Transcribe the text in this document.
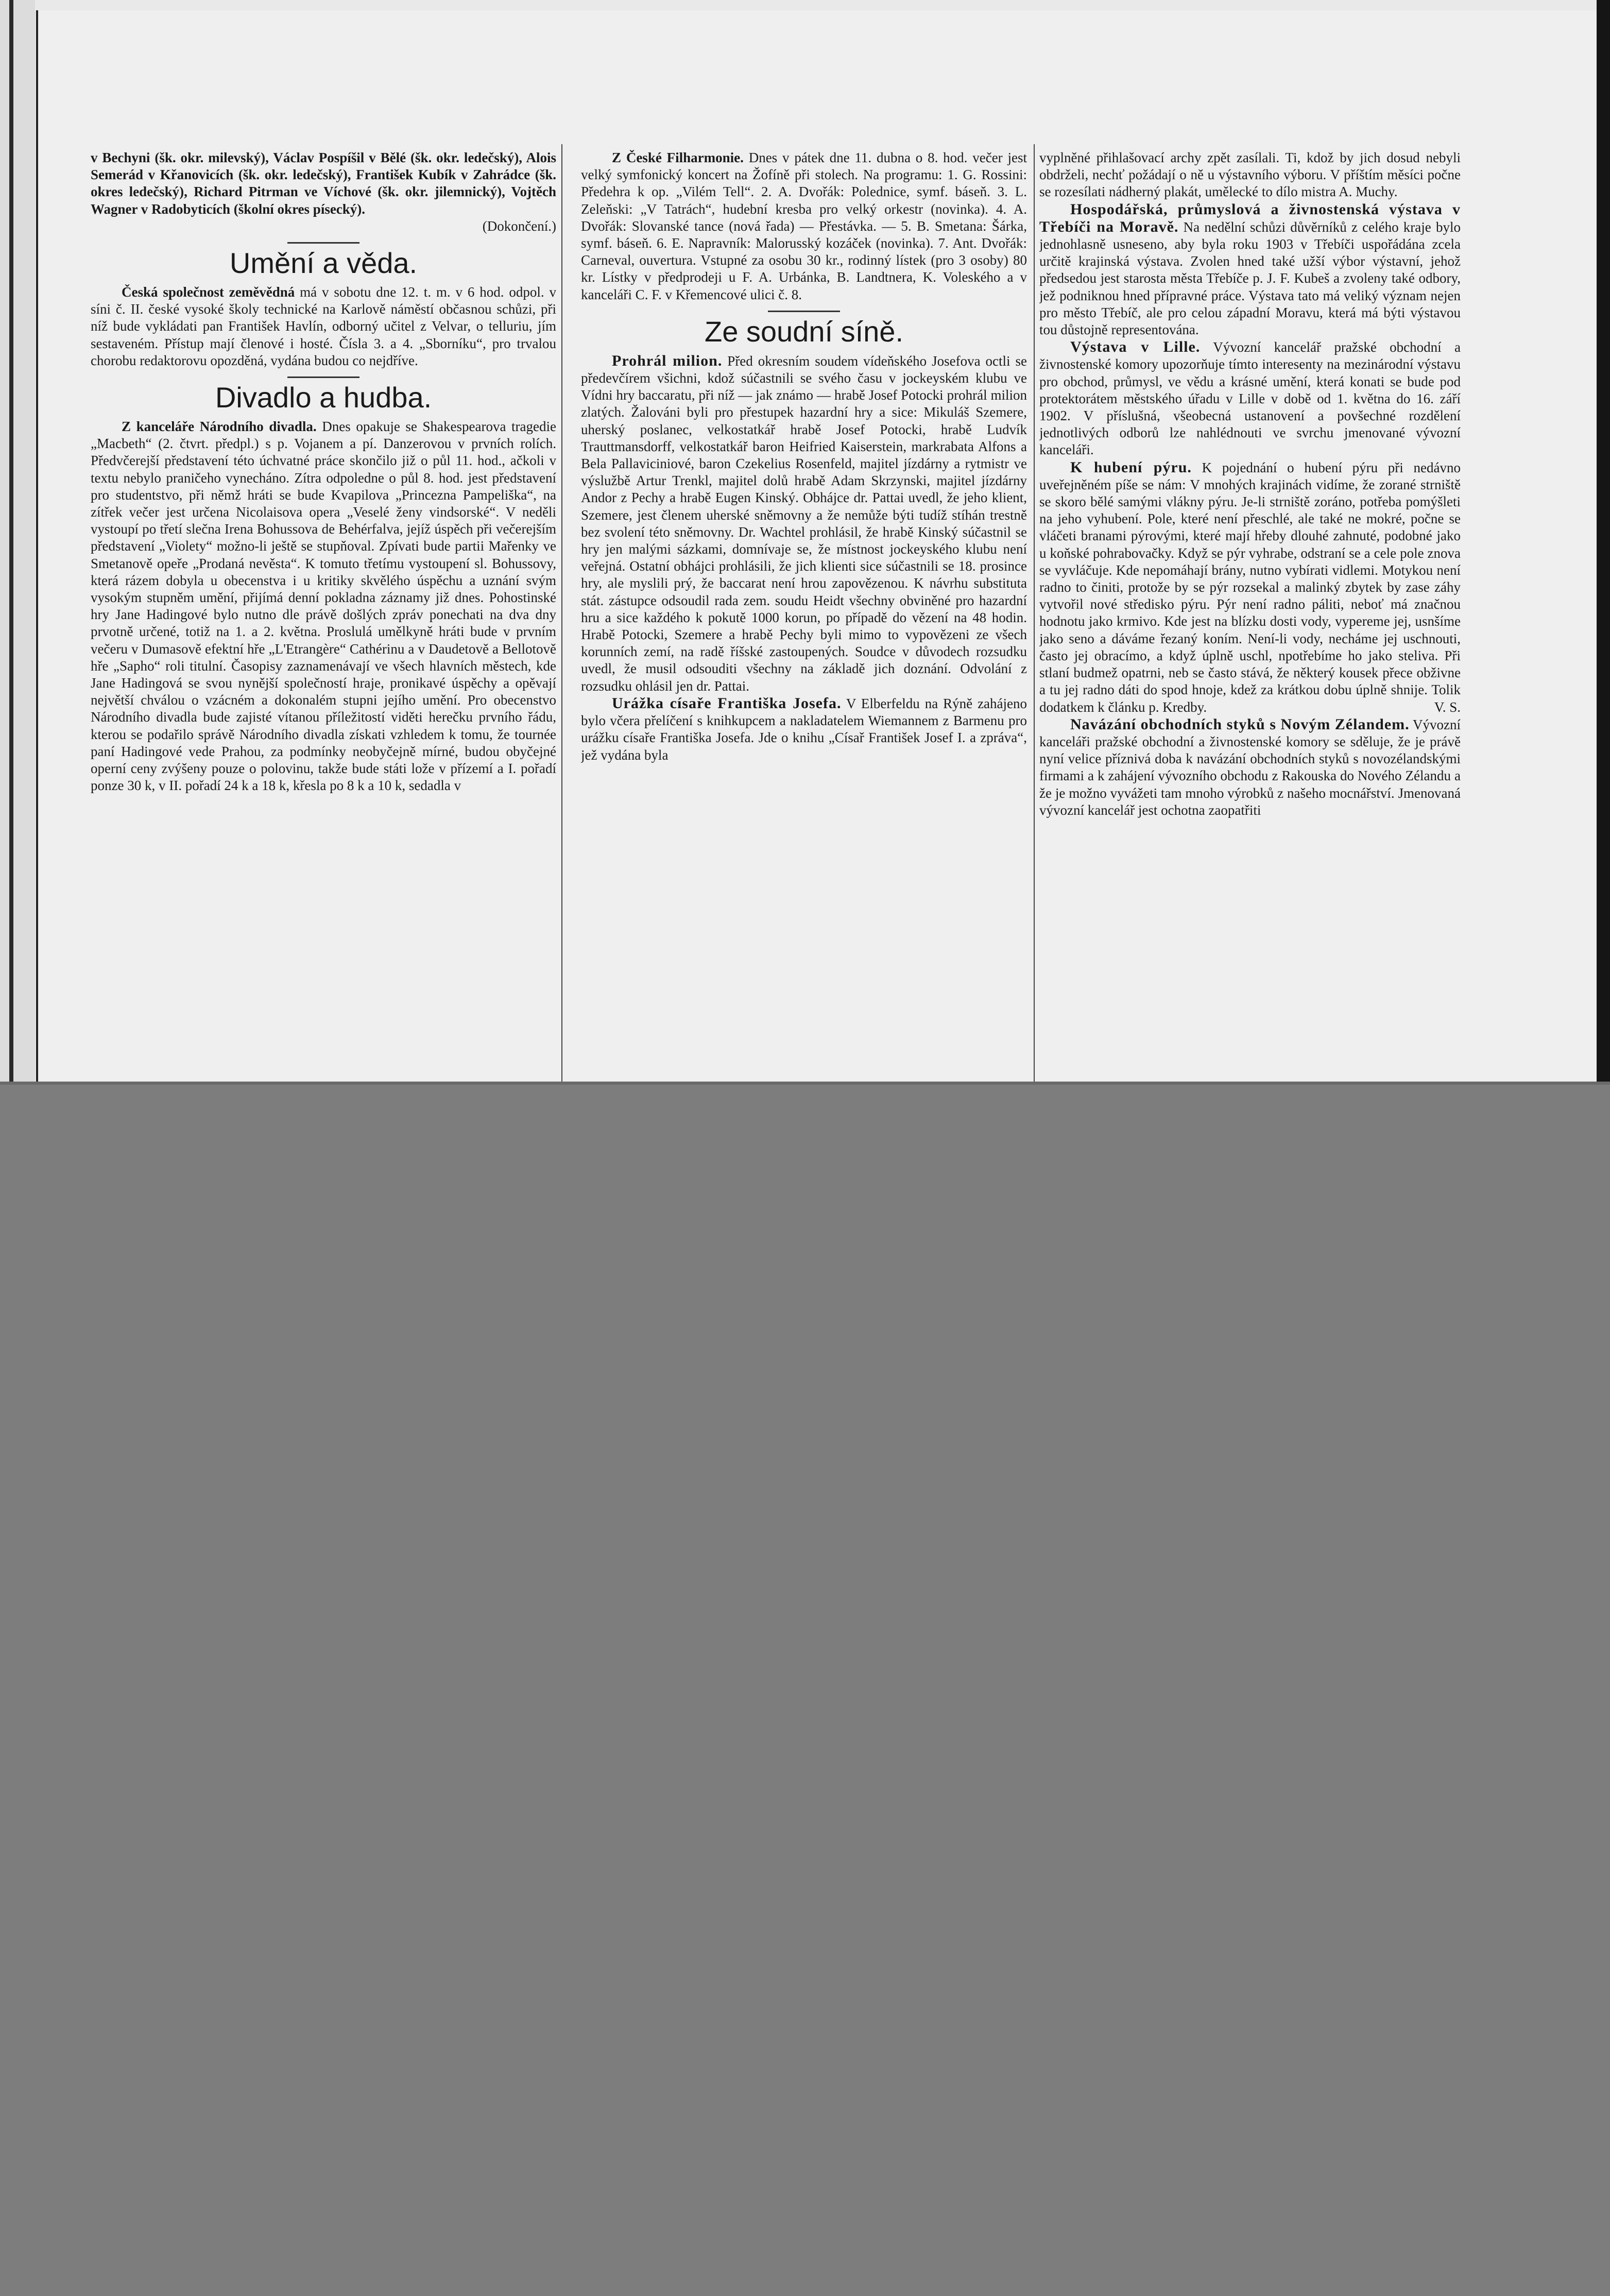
v Bechyni (šk. okr. milevský), Václav Pospíšil v Bělé (šk. okr. ledečský), Alois Semerád v Křanovicích (šk. okr. ledečský), František Kubík v Zahrádce (šk. okres ledečský), Richard Pitrman ve Víchové (šk. okr. jilemnický), Vojtěch Wagner v Radobyticích (školní okres písecký).

(Dokončení.)

Umění a věda.

Česká společnost zeměvědná má v sobotu dne 12. t. m. v 6 hod. odpol. v síni č. II. české vysoké školy technické na Karlově náměstí občasnou schůzi, při níž bude vykládati pan František Havlín, odborný učitel z Velvar, o telluriu, jím sestaveném. Přístup mají členové i hosté. Čísla 3. a 4. „Sborníku“, pro trvalou chorobu redaktorovu opozděná, vydána budou co nejdříve.

Divadlo a hudba.

Z kanceláře Národního divadla. Dnes opakuje se Shakespearova tragedie „Macbeth“ (2. čtvrt. předpl.) s p. Vojanem a pí. Danzerovou v prvních rolích. Předvčerejší představení této úchvatné práce skončilo již o půl 11. hod., ačkoli v textu nebylo praničeho vynecháno. Zítra odpoledne o půl 8. hod. jest představení pro studentstvo, při němž hráti se bude Kvapilova „Princezna Pampeliška“, na zítřek večer jest určena Nicolaisova opera „Veselé ženy vindsorské“. V neděli vystoupí po třetí slečna Irena Bohussova de Behérfalva, jejíž úspěch při večerejším představení „Violety“ možno-li ještě se stupňoval. Zpívati bude partii Mařenky ve Smetanově opeře „Prodaná nevěsta“. K tomuto třetímu vystoupení sl. Bohussovy, která rázem dobyla u obecenstva i u kritiky skvělého úspěchu a uznání svým vysokým stupněm umění, přijímá denní pokladna záznamy již dnes. Pohostinské hry Jane Hadingové bylo nutno dle právě došlých zpráv ponechati na dva dny prvotně určené, totiž na 1. a 2. května. Proslulá umělkyně hráti bude v prvním večeru v Dumasově efektní hře „L'Etrangère“ Cathérinu a v Daudetově a Bellotově hře „Sapho“ roli titulní. Časopisy zaznamenávají ve všech hlavních městech, kde Jane Hadingová se svou nynější společností hraje, pronikavé úspěchy a opěvají největší chválou o vzácném a dokonalém stupni jejího umění. Pro obecenstvo Národního divadla bude zajisté vítanou příležitostí viděti herečku prvního řádu, kterou se podařilo správě Národního divadla získati vzhledem k tomu, že tournée paní Hadingové vede Prahou, za podmínky neobyčejně mírné, budou obyčejné operní ceny zvýšeny pouze o polovinu, takže bude státi lože v přízemí a I. pořadí ponze 30 k, v II. pořadí 24 k a 18 k, křesla po 8 k a 10 k, sedadla v

Z České Filharmonie. Dnes v pátek dne 11. dubna o 8. hod. večer jest velký symfonický koncert na Žofíně při stolech. Na programu: 1. G. Rossini: Předehra k op. „Vilém Tell“. 2. A. Dvořák: Polednice, symf. báseň. 3. L. Zeleňski: „V Tatrách“, hudební kresba pro velký orkestr (novinka). 4. A. Dvořák: Slovanské tance (nová řada) — Přestávka. — 5. B. Smetana: Šárka, symf. báseň. 6. E. Napravník: Malorusský kozáček (novinka). 7. Ant. Dvořák: Carneval, ouvertura. Vstupné za osobu 30 kr., rodinný lístek (pro 3 osoby) 80 kr. Lístky v předprodeji u F. A. Urbánka, B. Landtnera, K. Voleského a v kanceláři C. F. v Křemencové ulici č. 8.

Ze soudní síně.

Prohrál milion. Před okresním soudem vídeňského Josefova octli se předevčírem všichni, kdož súčastnili se svého času v jockeyském klubu ve Vídni hry baccaratu, při níž — jak známo — hrabě Josef Potocki prohrál milion zlatých. Žalováni byli pro přestupek hazardní hry a sice: Mikuláš Szemere, uherský poslanec, velkostatkář hrabě Josef Potocki, hrabě Ludvík Trauttmansdorff, velkostatkář baron Heifried Kaiserstein, markrabata Alfons a Bela Pallaviciniové, baron Czekelius Rosenfeld, majitel jízdárny a rytmistr ve výslužbě Artur Trenkl, majitel dolů hrabě Adam Skrzynski, majitel jízdárny Andor z Pechy a hrabě Eugen Kinský. Obhájce dr. Pattai uvedl, že jeho klient, Szemere, jest členem uherské sněmovny a že nemůže býti tudíž stíhán trestně bez svolení této sněmovny. Dr. Wachtel prohlásil, že hrabě Kinský súčastnil se hry jen malými sázkami, domnívaje se, že místnost jockeyského klubu není veřejná. Ostatní obhájci prohlásili, že jich klienti sice súčastnili se 18. prosince hry, ale myslili prý, že baccarat není hrou zapovězenou. K návrhu substituta stát. zástupce odsoudil rada zem. soudu Heidt všechny obviněné pro hazardní hru a sice každého k pokutě 1000 korun, po případě do vězení na 48 hodin. Hrabě Potocki, Szemere a hrabě Pechy byli mimo to vypovězeni ze všech korunních zemí, na radě říšské zastoupených. Soudce v důvodech rozsudku uvedl, že musil odsouditi všechny na základě jich doznání. Odvolání z rozsudku ohlásil jen dr. Pattai.

Urážka císaře Františka Josefa. V Elberfeldu na Rýně zahájeno bylo včera přelíčení s knihkupcem a nakladatelem Wiemannem z Barmenu pro urážku císaře Františka Josefa. Jde o knihu „Císař František Josef I. a zpráva“, jež vydána byla

vyplněné přihlašovací archy zpět zasílali. Ti, kdož by jich dosud nebyli obdrželi, nechť požádají o ně u výstavního výboru. V příštím měsíci počne se rozesílati nádherný plakát, umělecké to dílo mistra A. Muchy.

Hospodářská, průmyslová a živnostenská výstava v Třebíči na Moravě. Na nedělní schůzi důvěrníků z celého kraje bylo jednohlasně usneseno, aby byla roku 1903 v Třebíči uspořádána zcela určitě krajinská výstava. Zvolen hned také užší výbor výstavní, jehož předsedou jest starosta města Třebíče p. J. F. Kubeš a zvoleny také odbory, jež podniknou hned přípravné práce. Výstava tato má veliký význam nejen pro město Třebíč, ale pro celou západní Moravu, která má býti výstavou tou důstojně representována.

Výstava v Lille. Vývozní kancelář pražské obchodní a živnostenské komory upozorňuje tímto interesenty na mezinárodní výstavu pro obchod, průmysl, ve vědu a krásné umění, která konati se bude pod protektorátem městského úřadu v Lille v době od 1. května do 16. září 1902. V příslušná, všeobecná ustanovení a povšechné rozdělení jednotlivých odborů lze nahlédnouti ve svrchu jmenované vývozní kanceláři.

K hubení pýru. K pojednání o hubení pýru při nedávno uveřejněném píše se nám: V mnohých krajinách vidíme, že zorané strniště se skoro bělé samými vlákny pýru. Je-li strniště zoráno, potřeba pomýšleti na jeho vyhubení. Pole, které není přeschlé, ale také ne mokré, počne se vláčeti branami pýrovými, které mají hřeby dlouhé zahnuté, podobné jako u koňské pohrabovačky. Když se pýr vyhrabe, odstraní se a cele pole znova se vyvláčuje. Kde nepomáhají brány, nutno vybírati vidlemi. Motykou není radno to činiti, protože by se pýr rozsekal a malinký zbytek by zase záhy vytvořil nové středisko pýru. Pýr není radno páliti, neboť má značnou hodnotu jako krmivo. Kde jest na blízku dosti vody, vypereme jej, usnšíme jako seno a dáváme řezaný koním. Není-li vody, necháme jej uschnouti, často jej obracímo, a když úplně uschl, npotřebíme ho jako steliva. Při stlaní budmež opatrni, neb se často stává, že některý kousek přece obživne a tu jej radno dáti do spod hnoje, kdež za krátkou dobu úplně shnije. Tolik dodatkem k článku p. Kredby.	V. S.

Navázání obchodních styků s Novým Zélandem. Vývozní kanceláři pražské obchodní a živnostenské komory se sděluje, že je právě nyní velice příznivá doba k navázání obchodních styků s novozélandskými firmami a k zahájení vývozního obchodu z Rakouska do Nového Zélandu a že je možno vyvážeti tam mnoho výrobků z našeho mocnářství. Jmenovaná vývozní kancelář jest ochotna zaopatřiti
